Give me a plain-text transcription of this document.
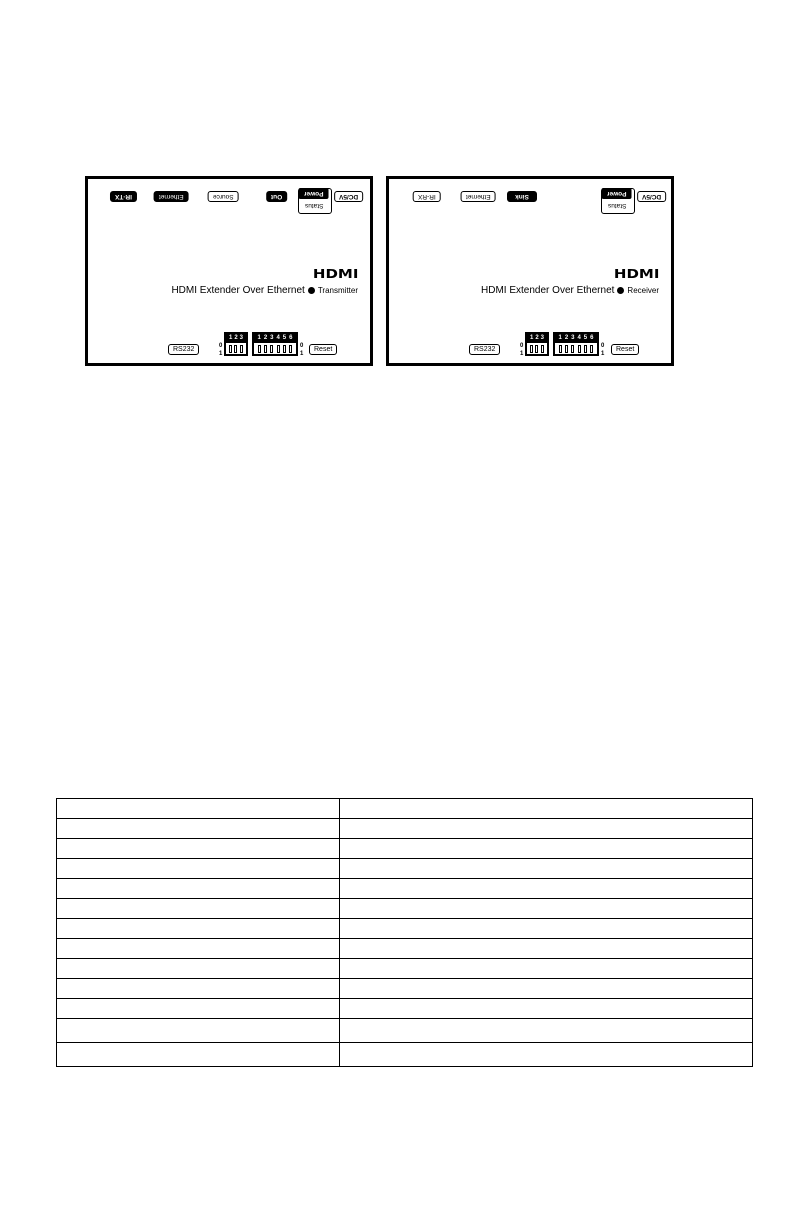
IR-TX	Ethernet	Source	Out	Power
Status
DC/5V
HDMI
HDMI Extender Over Ethernet Transmitter
RS232	0
1
1 2 3 1 2 3 4 5 6
0
1
Reset
IR-RX	Ethernet	Sink	Power
Status
DC/5V
HDMI
HDMI Extender Over Ethernet Receiver
RS232	0
1
1 2 3 1 2 3 4 5 6
0
1
Reset
